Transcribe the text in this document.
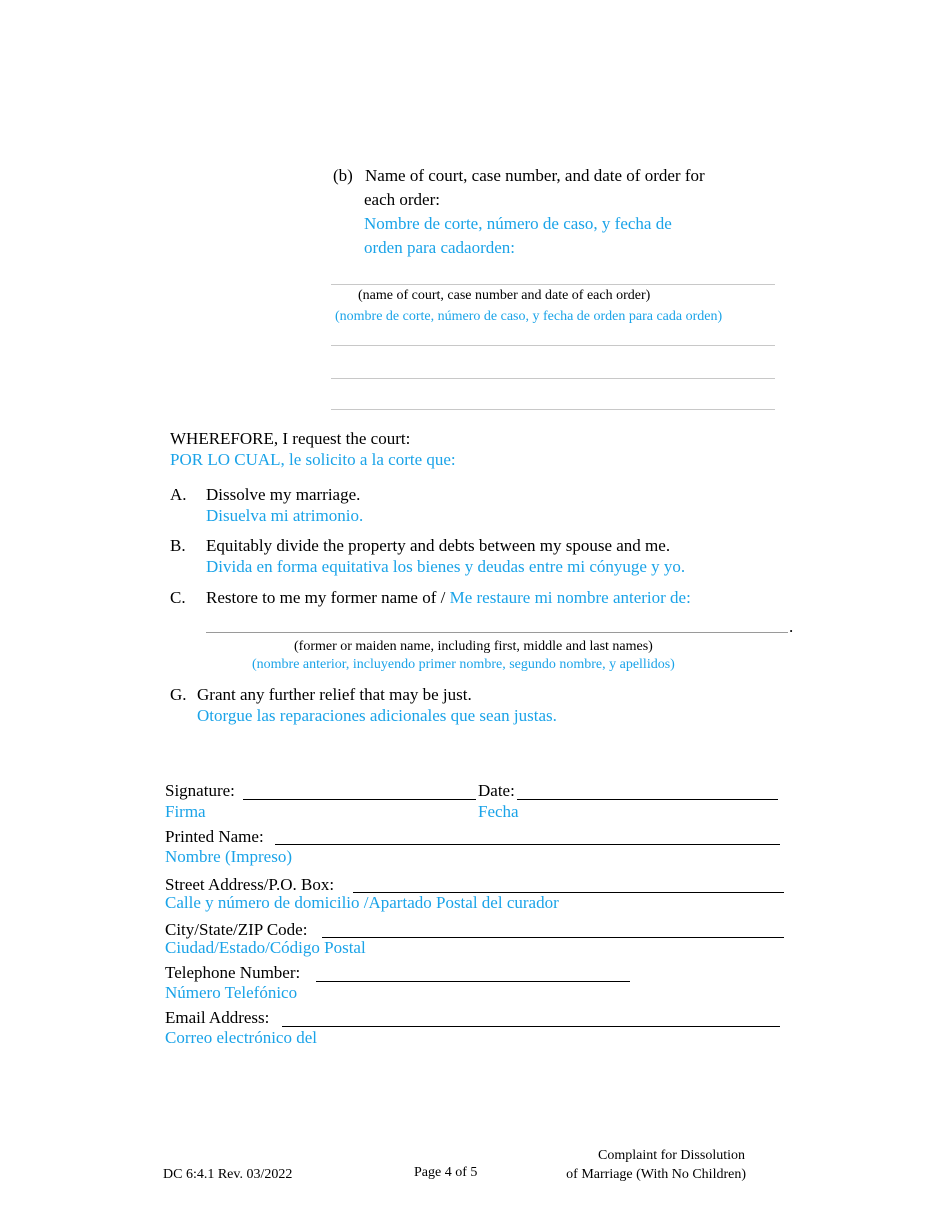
(b) Name of court, case number, and date of order for
each order:
Nombre de corte, número de caso, y fecha de
orden para cadaorden:
(name of court, case number and date of each order)
(nombre de corte, número de caso, y fecha de orden para cada orden)
WHEREFORE, I request the court:
POR LO CUAL, le solicito a la corte que:
A. Dissolve my marriage.
Disuelva mi atrimonio.
B. Equitably divide the property and debts between my spouse and me.
Divida en forma equitativa los bienes y deudas entre mi cónyuge y yo.
C. Restore to me my former name of / Me restaure mi nombre anterior de:
.
(former or maiden name, including first, middle and last names)
(nombre anterior, incluyendo primer nombre, segundo nombre, y apellidos)
G. Grant any further relief that may be just.
Otorgue las reparaciones adicionales que sean justas.
Signature:
Firma
Date:
Fecha
Printed Name:
Nombre (Impreso)
Street Address/P.O. Box:
Calle y número de domicilio /Apartado Postal del curador
City/State/ZIP Code:
Ciudad/Estado/Código Postal
Telephone Number:
Número Telefónico
Email Address:
Correo electrónico del
DC 6:4.1 Rev. 03/2022	Page 4 of 5
Complaint for Dissolution
of Marriage (With No Children)
